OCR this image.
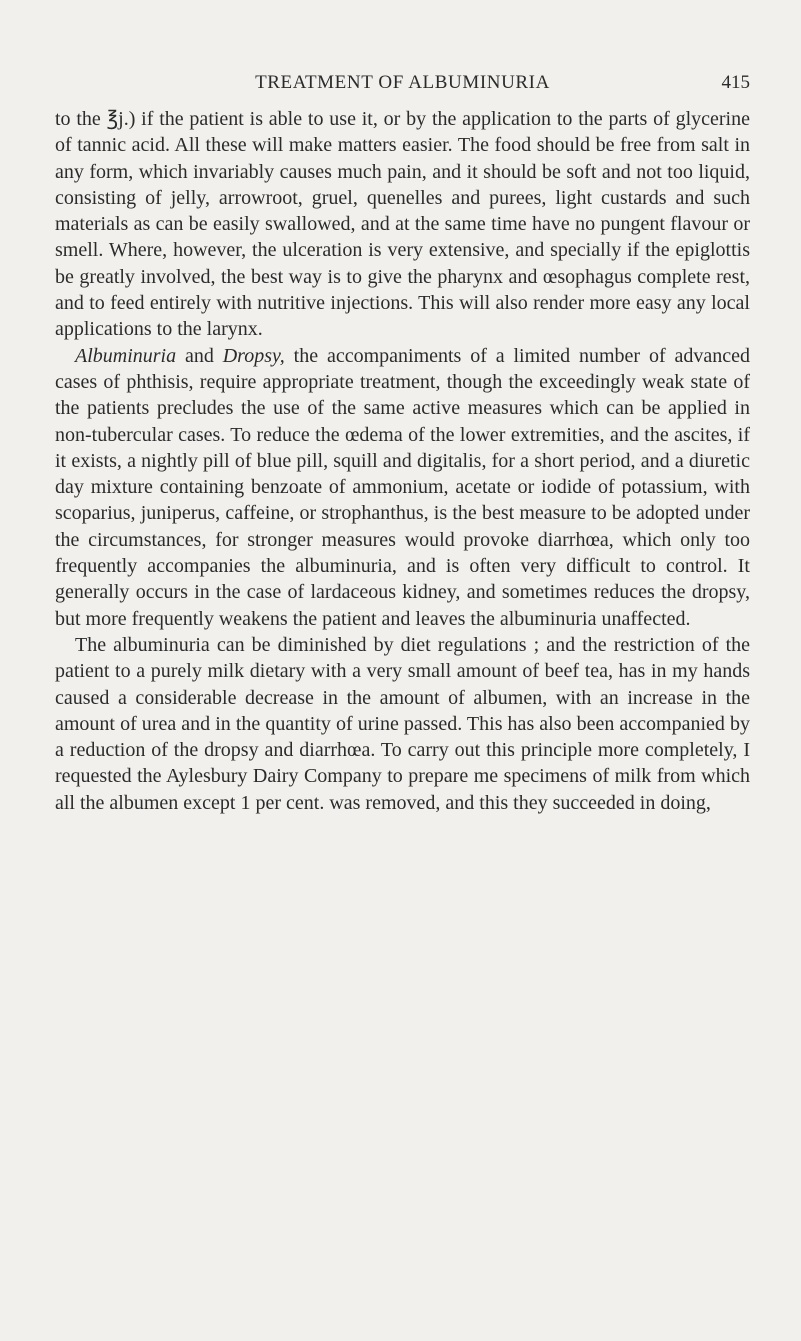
TREATMENT OF ALBUMINURIA	415

to the ℥j.) if the patient is able to use it, or by the application to the parts of glycerine of tannic acid. All these will make matters easier. The food should be free from salt in any form, which invariably causes much pain, and it should be soft and not too liquid, consisting of jelly, arrowroot, gruel, quenelles and purees, light custards and such materials as can be easily swallowed, and at the same time have no pungent flavour or smell. Where, however, the ulceration is very extensive, and specially if the epiglottis be greatly involved, the best way is to give the pharynx and œsophagus complete rest, and to feed entirely with nutritive injections. This will also render more easy any local applications to the larynx.

Albuminuria and Dropsy, the accompaniments of a limited number of advanced cases of phthisis, require appropriate treatment, though the exceedingly weak state of the patients precludes the use of the same active measures which can be applied in non-tubercular cases. To reduce the œdema of the lower extremities, and the ascites, if it exists, a nightly pill of blue pill, squill and digitalis, for a short period, and a diuretic day mixture containing benzoate of ammonium, acetate or iodide of potassium, with scoparius, juniperus, caffeine, or strophanthus, is the best measure to be adopted under the circumstances, for stronger measures would provoke diarrhœa, which only too frequently accompanies the albuminuria, and is often very difficult to control. It generally occurs in the case of lardaceous kidney, and sometimes reduces the dropsy, but more frequently weakens the patient and leaves the albuminuria unaffected.

The albuminuria can be diminished by diet regulations ; and the restriction of the patient to a purely milk dietary with a very small amount of beef tea, has in my hands caused a considerable decrease in the amount of albumen, with an increase in the amount of urea and in the quantity of urine passed. This has also been accompanied by a reduction of the dropsy and diarrhœa. To carry out this principle more completely, I requested the Aylesbury Dairy Company to prepare me specimens of milk from which all the albumen except 1 per cent. was removed, and this they succeeded in doing,
